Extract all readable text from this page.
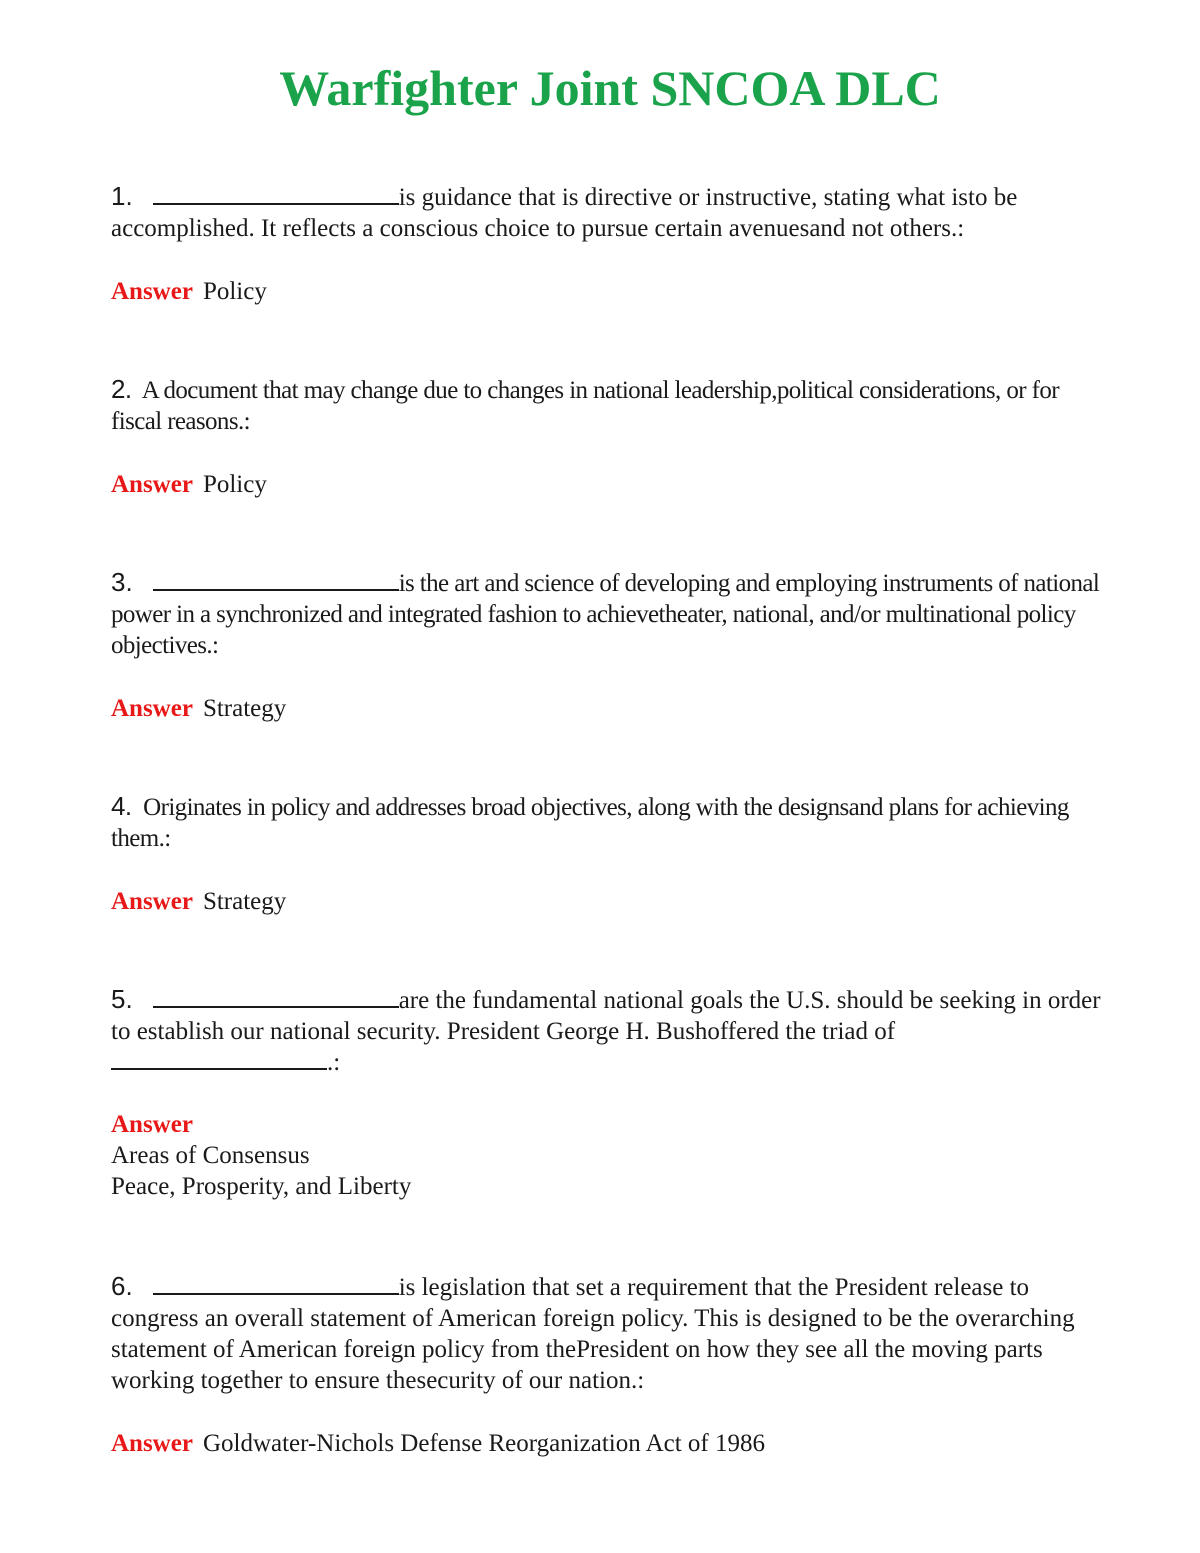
Warfighter Joint SNCOA DLC

1.	is guidance that is directive or instructive, stating what isto be accomplished. It reflects a conscious choice to pursue certain avenuesand not others.:

Answer Policy

2. A document that may change due to changes in national leadership,political considerations, or for fiscal reasons.:

Answer Policy

3.	is the art and science of developing and employing instruments of national power in a synchronized and integrated fashion to achievetheater, national, and/or multinational policy objectives.:

Answer Strategy

4. Originates in policy and addresses broad objectives, along with the designsand plans for achieving them.:

Answer Strategy

5.	are the fundamental national goals the U.S. should be seeking in order to establish our national security. President George H. Bushoffered the triad of
.:

Answer
Areas of Consensus
Peace, Prosperity, and Liberty

6.	is legislation that set a requirement that the President release to congress an overall statement of American foreign policy. This is designed to be the overarching statement of American foreign policy from thePresident on how they see all the moving parts working together to ensure thesecurity of our nation.:

Answer Goldwater-Nichols Defense Reorganization Act of 1986
